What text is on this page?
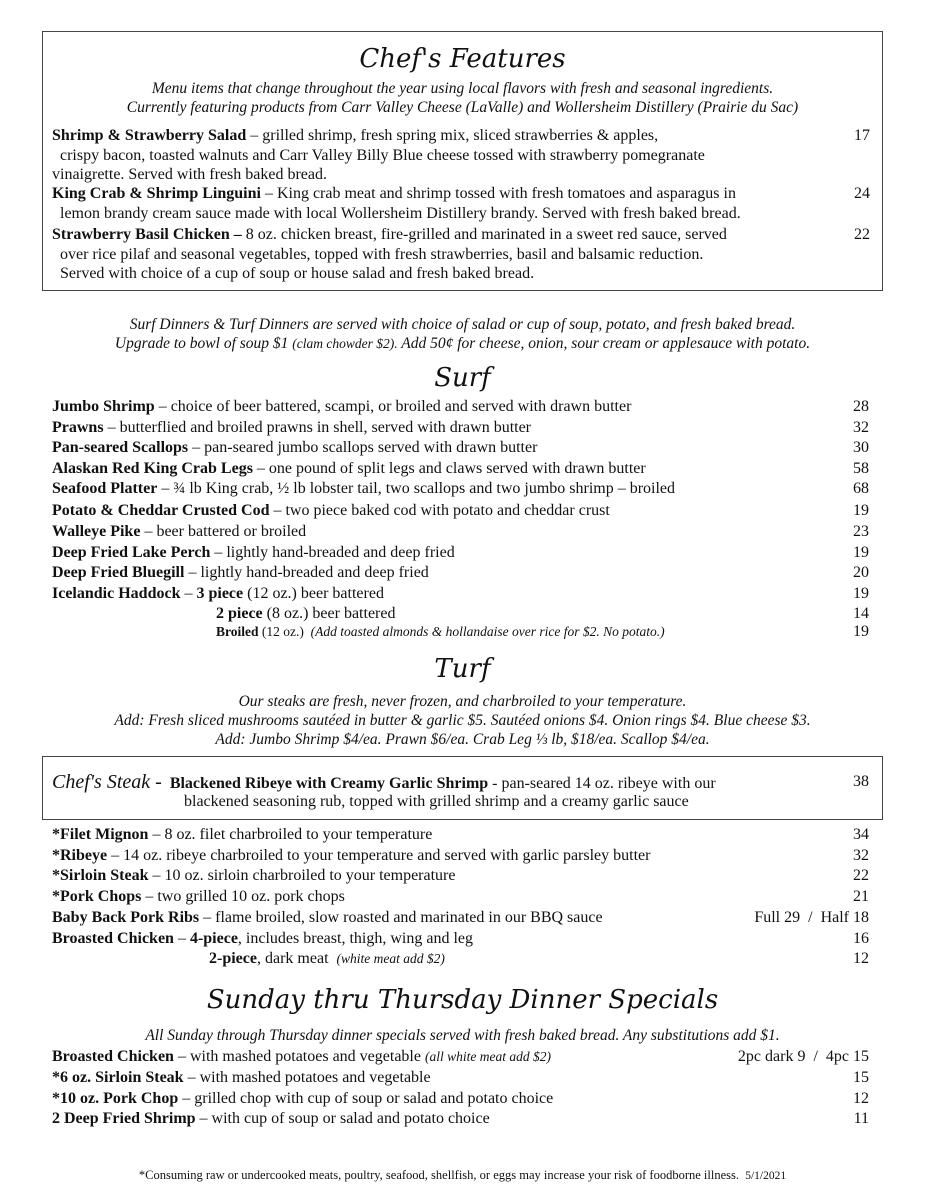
Chef's Features
Menu items that change throughout the year using local flavors with fresh and seasonal ingredients.
Currently featuring products from Carr Valley Cheese (LaValle) and Wollersheim Distillery (Prairie du Sac)
Shrimp & Strawberry Salad – grilled shrimp, fresh spring mix, sliced strawberries & apples,
crispy bacon, toasted walnuts and Carr Valley Billy Blue cheese tossed with strawberry pomegranate
vinaigrette. Served with fresh baked bread.
17
King Crab & Shrimp Linguini – King crab meat and shrimp tossed with fresh tomatoes and asparagus in
lemon brandy cream sauce made with local Wollersheim Distillery brandy. Served with fresh baked bread.
24
Strawberry Basil Chicken – 8 oz. chicken breast, fire-grilled and marinated in a sweet red sauce, served
over rice pilaf and seasonal vegetables, topped with fresh strawberries, basil and balsamic reduction.
Served with choice of a cup of soup or house salad and fresh baked bread.
22
Surf Dinners & Turf Dinners are served with choice of salad or cup of soup, potato, and fresh baked bread.
Upgrade to bowl of soup $1 (clam chowder $2). Add 50¢ for cheese, onion, sour cream or applesauce with potato.
Surf
Jumbo Shrimp – choice of beer battered, scampi, or broiled and served with drawn butter	28
Prawns – butterflied and broiled prawns in shell, served with drawn butter	32
Pan-seared Scallops – pan-seared jumbo scallops served with drawn butter	30
Alaskan Red King Crab Legs – one pound of split legs and claws served with drawn butter	58
Seafood Platter – ¾ lb King crab, ½ lb lobster tail, two scallops and two jumbo shrimp – broiled	68
Potato & Cheddar Crusted Cod – two piece baked cod with potato and cheddar crust	19
Walleye Pike – beer battered or broiled	23
Deep Fried Lake Perch – lightly hand-breaded and deep fried	19
Deep Fried Bluegill – lightly hand-breaded and deep fried	20
Icelandic Haddock – 3 piece (12 oz.) beer battered	19
2 piece (8 oz.) beer battered	14
Broiled (12 oz.) (Add toasted almonds & hollandaise over rice for $2. No potato.)	19
Turf
Our steaks are fresh, never frozen, and charbroiled to your temperature.
Add: Fresh sliced mushrooms sautéed in butter & garlic $5. Sautéed onions $4. Onion rings $4. Blue cheese $3.
Add: Jumbo Shrimp $4/ea. Prawn $6/ea. Crab Leg ⅓ lb, $18/ea. Scallop $4/ea.
Chef's Steak - Blackened Ribeye with Creamy Garlic Shrimp - pan-seared 14 oz. ribeye with our	38
blackened seasoning rub, topped with grilled shrimp and a creamy garlic sauce
*Filet Mignon – 8 oz. filet charbroiled to your temperature	34
*Ribeye – 14 oz. ribeye charbroiled to your temperature and served with garlic parsley butter	32
*Sirloin Steak – 10 oz. sirloin charbroiled to your temperature	22
*Pork Chops – two grilled 10 oz. pork chops	21
Baby Back Pork Ribs – flame broiled, slow roasted and marinated in our BBQ sauce	Full 29  /  Half 18
Broasted Chicken – 4-piece, includes breast, thigh, wing and leg	16
2-piece, dark meat (white meat add $2)	12
Sunday thru Thursday Dinner Specials
All Sunday through Thursday dinner specials served with fresh baked bread. Any substitutions add $1.
Broasted Chicken – with mashed potatoes and vegetable (all white meat add $2)	2pc dark 9  /  4pc 15
*6 oz. Sirloin Steak – with mashed potatoes and vegetable	15
*10 oz. Pork Chop – grilled chop with cup of soup or salad and potato choice	12
2 Deep Fried Shrimp – with cup of soup or salad and potato choice	11
*Consuming raw or undercooked meats, poultry, seafood, shellfish, or eggs may increase your risk of foodborne illness. 5/1/2021
